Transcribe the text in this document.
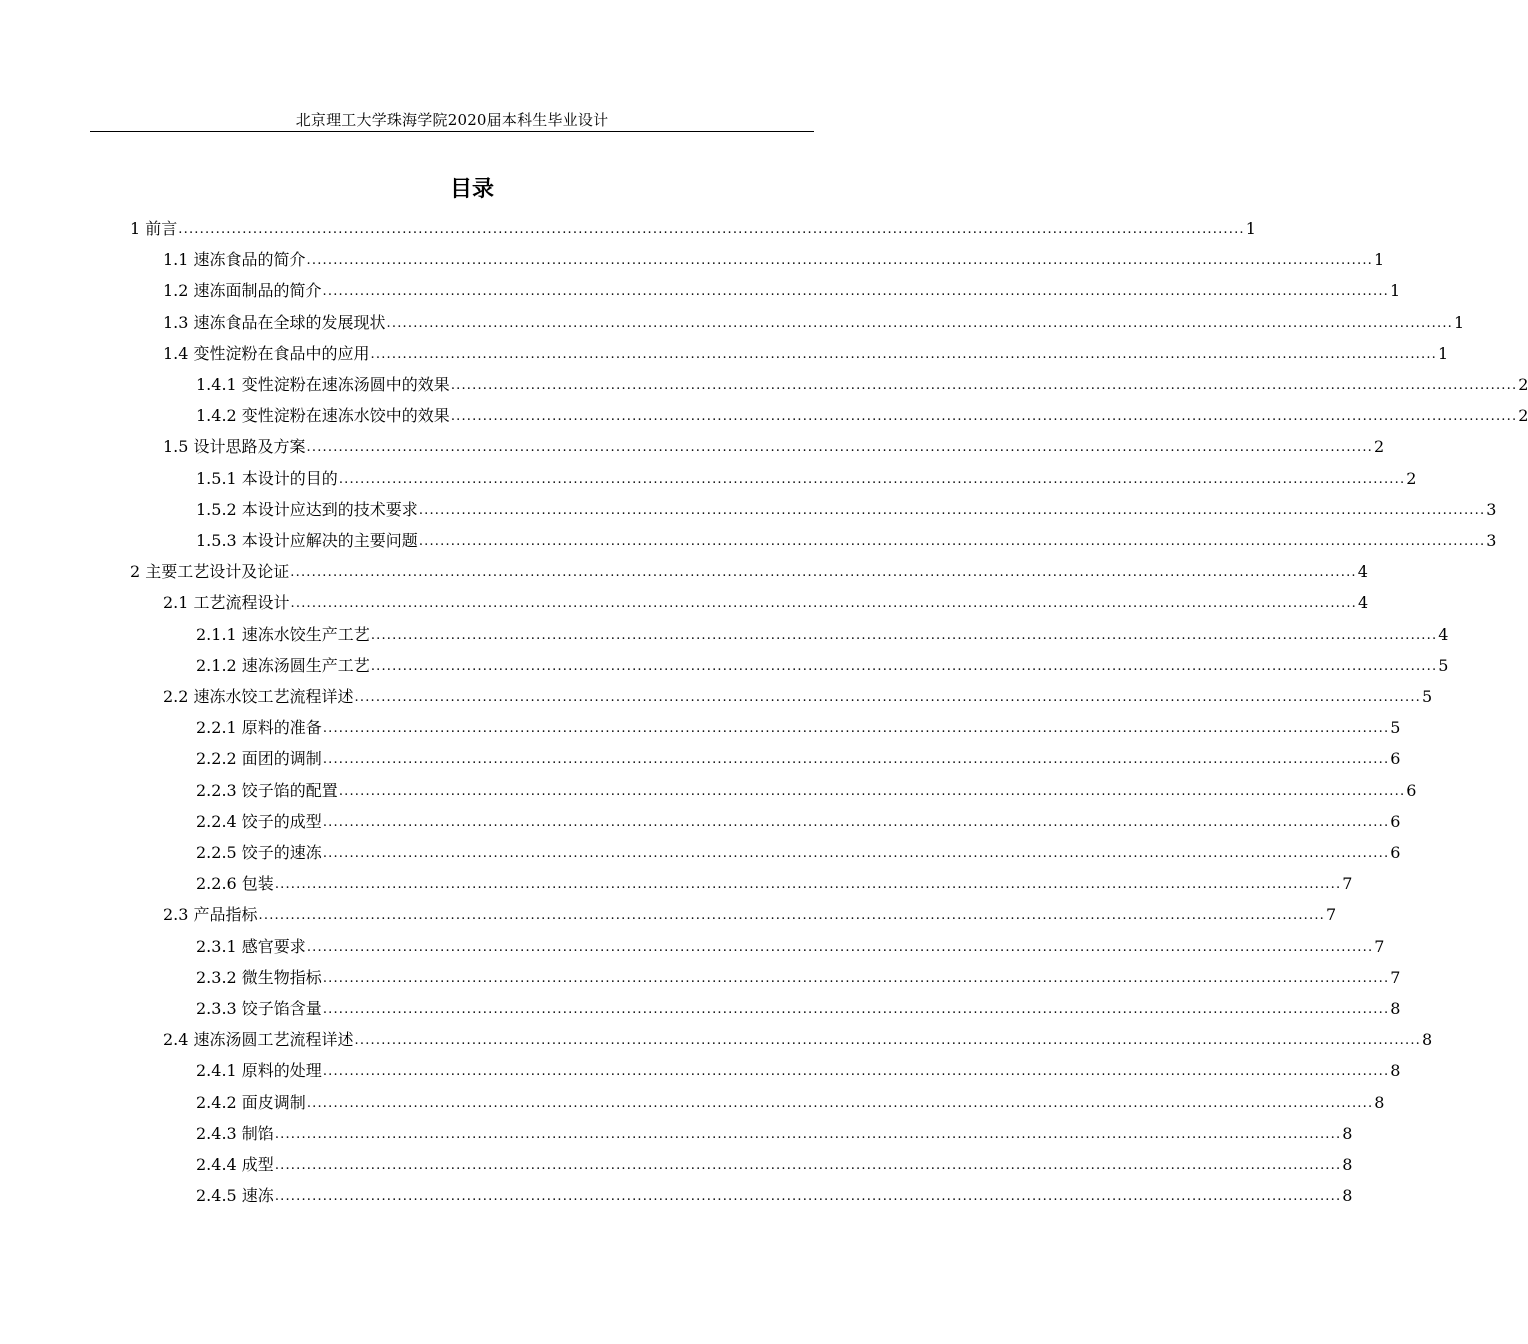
北京理工大学珠海学院2020届本科生毕业设计
目录
1 前言 ........................................................................................................................................................................................................ 1
1.1 速冻食品的简介 ........................................................................................................................................................................................................ 1
1.2 速冻面制品的简介 ........................................................................................................................................................................................................ 1
1.3 速冻食品在全球的发展现状 ........................................................................................................................................................................................................ 1
1.4 变性淀粉在食品中的应用 ........................................................................................................................................................................................................ 1
1.4.1 变性淀粉在速冻汤圆中的效果 ........................................................................................................................................................................................................ 2
1.4.2 变性淀粉在速冻水饺中的效果 ........................................................................................................................................................................................................ 2
1.5 设计思路及方案 ........................................................................................................................................................................................................ 2
1.5.1 本设计的目的 ........................................................................................................................................................................................................ 2
1.5.2 本设计应达到的技术要求 ........................................................................................................................................................................................................ 3
1.5.3 本设计应解决的主要问题 ........................................................................................................................................................................................................ 3
2 主要工艺设计及论证 ........................................................................................................................................................................................................ 4
2.1 工艺流程设计 ........................................................................................................................................................................................................ 4
2.1.1 速冻水饺生产工艺 ........................................................................................................................................................................................................ 4
2.1.2 速冻汤圆生产工艺 ........................................................................................................................................................................................................ 5
2.2 速冻水饺工艺流程详述 ........................................................................................................................................................................................................ 5
2.2.1 原料的准备 ........................................................................................................................................................................................................ 5
2.2.2 面团的调制 ........................................................................................................................................................................................................ 6
2.2.3 饺子馅的配置 ........................................................................................................................................................................................................ 6
2.2.4 饺子的成型 ........................................................................................................................................................................................................ 6
2.2.5 饺子的速冻 ........................................................................................................................................................................................................ 6
2.2.6 包装 ........................................................................................................................................................................................................ 7
2.3 产品指标 ........................................................................................................................................................................................................ 7
2.3.1 感官要求 ........................................................................................................................................................................................................ 7
2.3.2 微生物指标 ........................................................................................................................................................................................................ 7
2.3.3 饺子馅含量 ........................................................................................................................................................................................................ 8
2.4 速冻汤圆工艺流程详述 ........................................................................................................................................................................................................ 8
2.4.1 原料的处理 ........................................................................................................................................................................................................ 8
2.4.2 面皮调制 ........................................................................................................................................................................................................ 8
2.4.3 制馅 ........................................................................................................................................................................................................ 8
2.4.4 成型 ........................................................................................................................................................................................................ 8
2.4.5 速冻 ........................................................................................................................................................................................................ 8
